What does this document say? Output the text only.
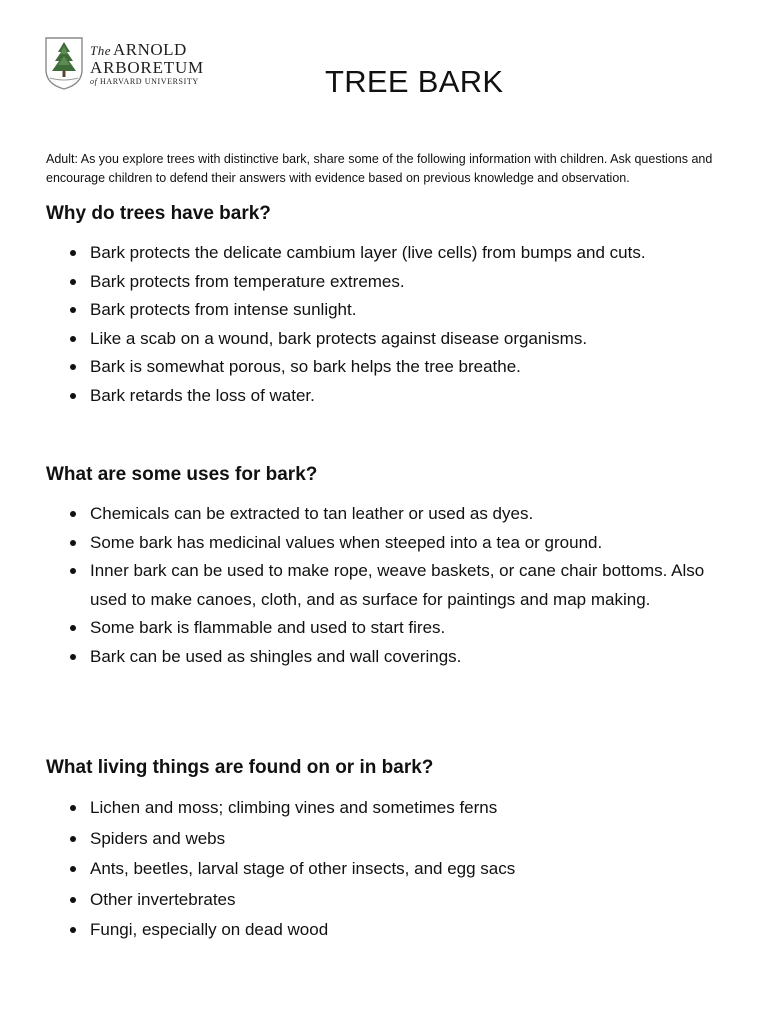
The ARNOLD
ARBORETUM
of HARVARD UNIVERSITY	TREE BARK

Adult: As you explore trees with distinctive bark, share some of the following information with children. Ask questions and encourage children to defend their answers with evidence based on previous knowledge and observation.

Why do trees have bark?
Bark protects the delicate cambium layer (live cells) from bumps and cuts.
Bark protects from temperature extremes.
Bark protects from intense sunlight.
Like a scab on a wound, bark protects against disease organisms.
Bark is somewhat porous, so bark helps the tree breathe.
Bark retards the loss of water.
What are some uses for bark?
Chemicals can be extracted to tan leather or used as dyes.
Some bark has medicinal values when steeped into a tea or ground.
Inner bark can be used to make rope, weave baskets, or cane chair bottoms. Also used to make canoes, cloth, and as surface for paintings and map making.
Some bark is flammable and used to start fires.
Bark can be used as shingles and wall coverings.
What living things are found on or in bark?
Lichen and moss; climbing vines and sometimes ferns
Spiders and webs
Ants, beetles, larval stage of other insects, and egg sacs
Other invertebrates
Fungi, especially on dead wood
